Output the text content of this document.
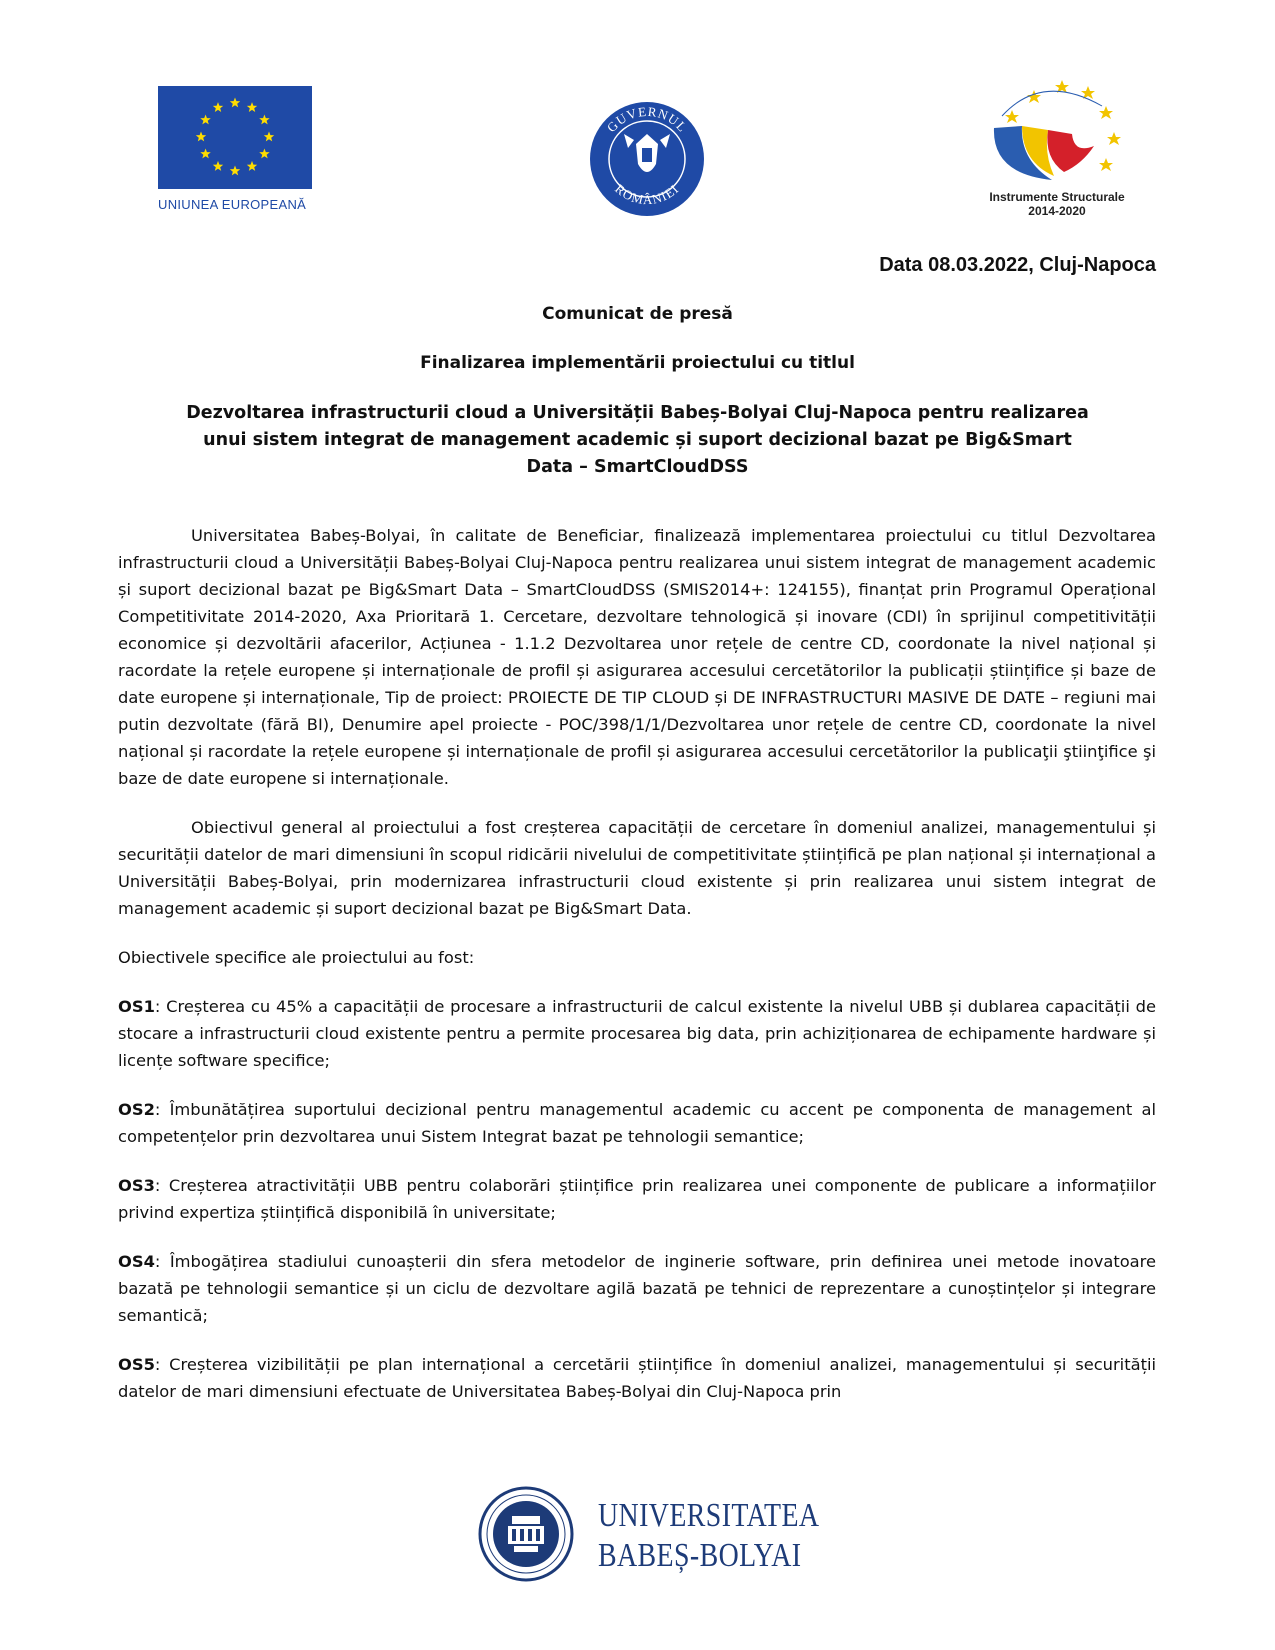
UNIUNEA EUROPEANĂ
GUVERNUL
ROMÂNIEI
Instrumente Structurale
2014-2020
Data 08.03.2022, Cluj-Napoca
Comunicat de presă
Finalizarea implementării proiectului cu titlul
Dezvoltarea infrastructurii cloud a Universității Babeș-Bolyai Cluj-Napoca pentru realizarea unui sistem integrat de management academic și suport decizional bazat pe Big&Smart Data – SmartCloudDSS

Universitatea Babeș-Bolyai, în calitate de Beneficiar, finalizează implementarea proiectului cu titlul Dezvoltarea infrastructurii cloud a Universității Babeș-Bolyai Cluj-Napoca pentru realizarea unui sistem integrat de management academic și suport decizional bazat pe Big&Smart Data – SmartCloudDSS (SMIS2014+: 124155), finanțat prin Programul Operațional Competitivitate 2014-2020, Axa Prioritară 1. Cercetare, dezvoltare tehnologică și inovare (CDI) în sprijinul competitivității economice și dezvoltării afacerilor, Acțiunea - 1.1.2 Dezvoltarea unor rețele de centre CD, coordonate la nivel național și racordate la rețele europene și internaționale de profil și asigurarea accesului cercetătorilor la publicații științifice și baze de date europene și internaționale, Tip de proiect: PROIECTE DE TIP CLOUD și DE INFRASTRUCTURI MASIVE DE DATE – regiuni mai putin dezvoltate (fără BI), Denumire apel proiecte - POC/398/1/1/Dezvoltarea unor rețele de centre CD, coordonate la nivel național și racordate la rețele europene și internaționale de profil și asigurarea accesului cercetătorilor la publicaţii ştiinţifice şi baze de date europene si internaționale.

Obiectivul general al proiectului a fost creșterea capacității de cercetare în domeniul analizei, managementului și securității datelor de mari dimensiuni în scopul ridicării nivelului de competitivitate științifică pe plan național și internațional a Universității Babeș-Bolyai, prin modernizarea infrastructurii cloud existente și prin realizarea unui sistem integrat de management academic și suport decizional bazat pe Big&Smart Data.

Obiectivele specifice ale proiectului au fost:

OS1: Creșterea cu 45% a capacității de procesare a infrastructurii de calcul existente la nivelul UBB și dublarea capacității de stocare a infrastructurii cloud existente pentru a permite procesarea big data, prin achiziționarea de echipamente hardware și licențe software specifice;

OS2: Îmbunătățirea suportului decizional pentru managementul academic cu accent pe componenta de management al competențelor prin dezvoltarea unui Sistem Integrat bazat pe tehnologii semantice;

OS3: Creșterea atractivității UBB pentru colaborări științifice prin realizarea unei componente de publicare a informațiilor privind expertiza științifică disponibilă în universitate;

OS4: Îmbogățirea stadiului cunoașterii din sfera metodelor de inginerie software, prin definirea unei metode inovatoare bazată pe tehnologii semantice și un ciclu de dezvoltare agilă bazată pe tehnici de reprezentare a cunoștințelor și integrare semantică;

OS5: Creșterea vizibilității pe plan internațional a cercetării științifice în domeniul analizei, managementului și securității datelor de mari dimensiuni efectuate de Universitatea Babeș-Bolyai din Cluj-Napoca prin

UNIVERSITATEA
BABEȘ-BOLYAI
